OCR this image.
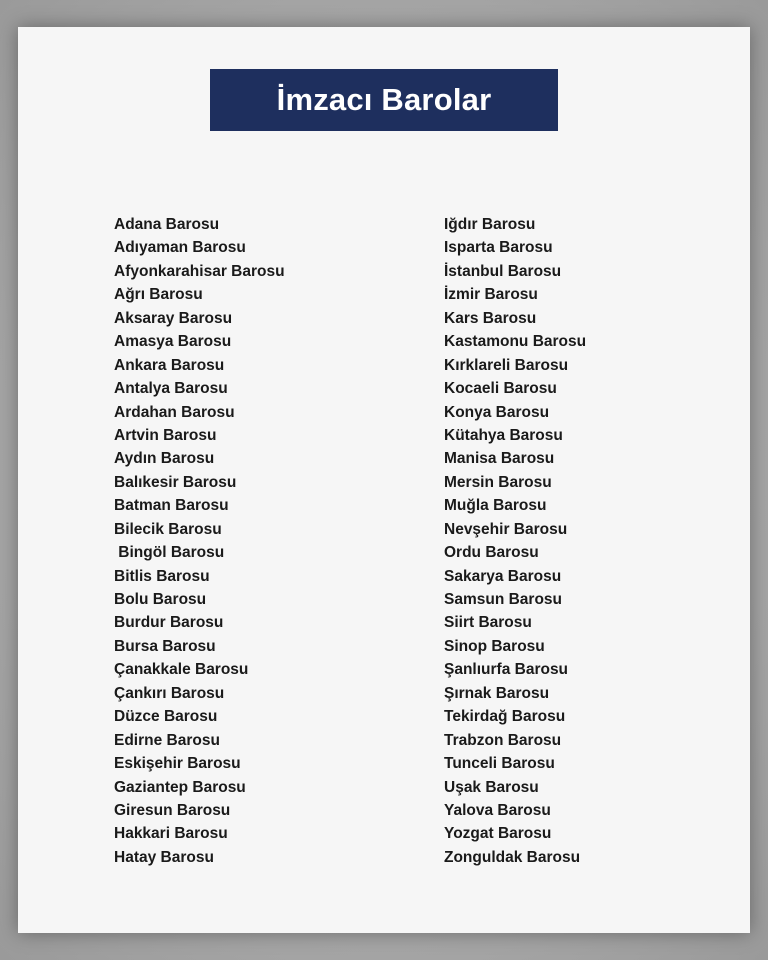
İmzacı Barolar
Adana Barosu
Adıyaman Barosu
Afyonkarahisar Barosu
Ağrı Barosu
Aksaray Barosu
Amasya Barosu
Ankara Barosu
Antalya Barosu
Ardahan Barosu
Artvin Barosu
Aydın Barosu
Balıkesir Barosu
Batman Barosu
Bilecik Barosu
Bingöl Barosu
Bitlis Barosu
Bolu Barosu
Burdur Barosu
Bursa Barosu
Çanakkale Barosu
Çankırı Barosu
Düzce Barosu
Edirne Barosu
Eskişehir Barosu
Gaziantep Barosu
Giresun Barosu
Hakkari Barosu
Hatay Barosu
Iğdır Barosu
Isparta Barosu
İstanbul Barosu
İzmir Barosu
Kars Barosu
Kastamonu Barosu
Kırklareli Barosu
Kocaeli Barosu
Konya Barosu
Kütahya Barosu
Manisa Barosu
Mersin Barosu
Muğla Barosu
Nevşehir Barosu
Ordu Barosu
Sakarya Barosu
Samsun Barosu
Siirt Barosu
Sinop Barosu
Şanlıurfa Barosu
Şırnak Barosu
Tekirdağ Barosu
Trabzon Barosu
Tunceli Barosu
Uşak Barosu
Yalova Barosu
Yozgat Barosu
Zonguldak Barosu
